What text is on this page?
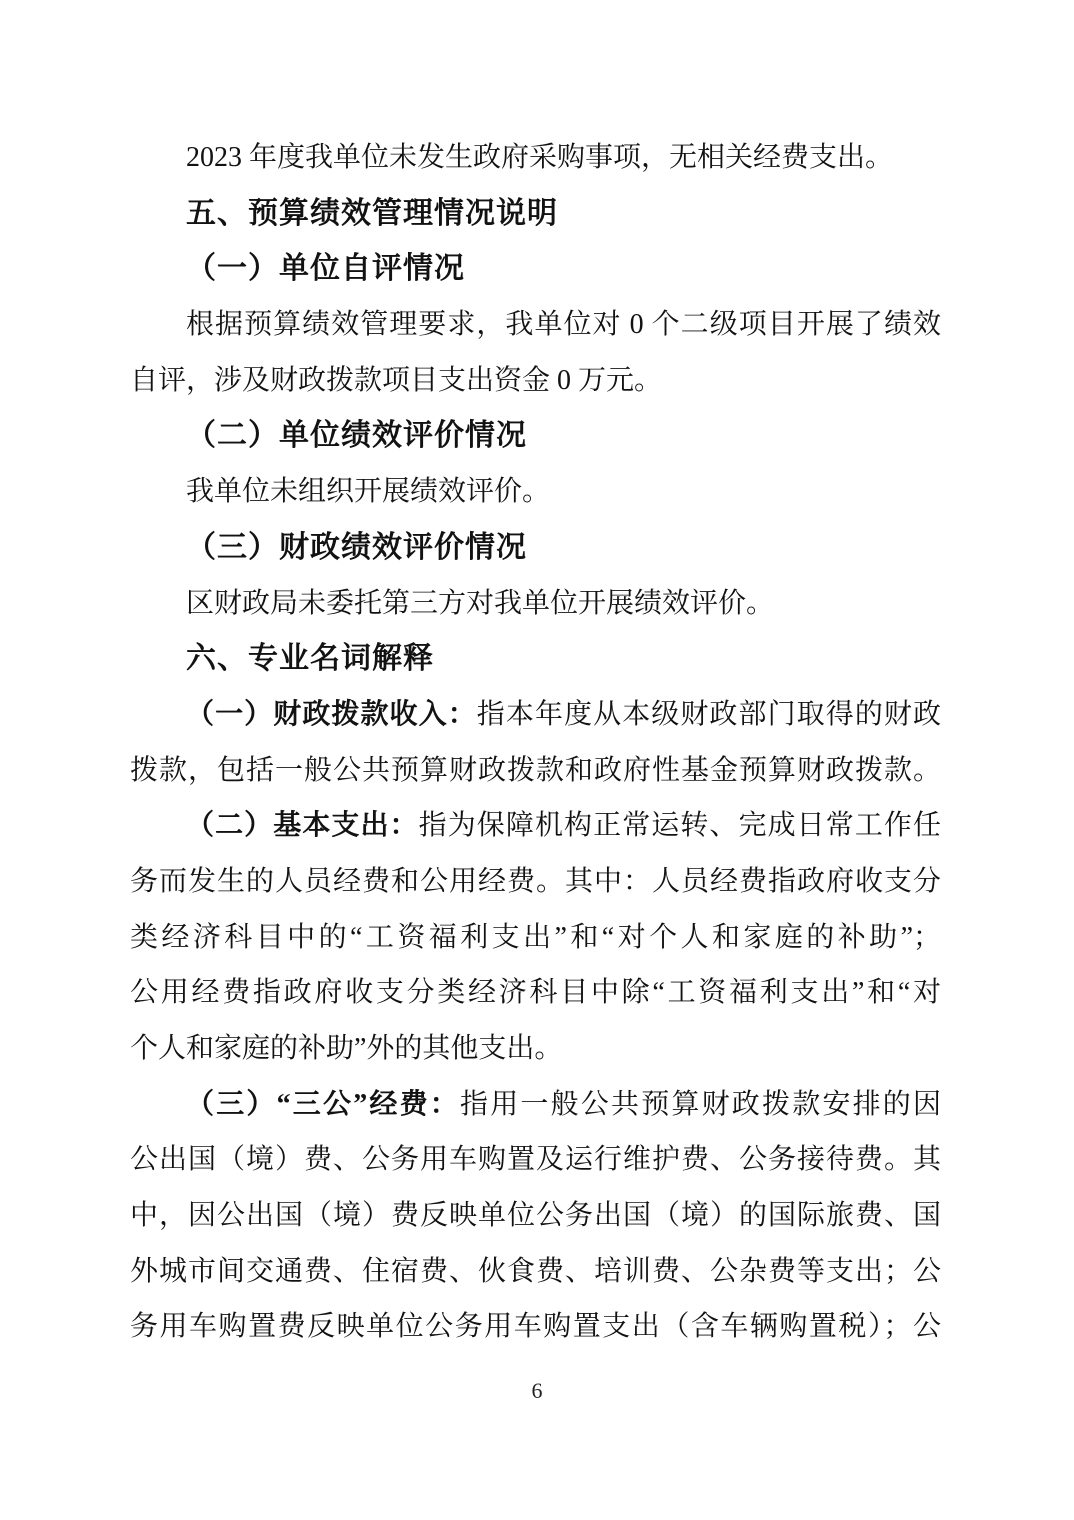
2023 年度我单位未发生政府采购事项，无相关经费支出。
五、预算绩效管理情况说明
（一）单位自评情况
根据预算绩效管理要求，我单位对 0 个二级项目开展了绩效
自评，涉及财政拨款项目支出资金 0 万元。
（二）单位绩效评价情况
我单位未组织开展绩效评价。
（三）财政绩效评价情况
区财政局未委托第三方对我单位开展绩效评价。
六、专业名词解释
（一）财政拨款收入：指本年度从本级财政部门取得的财政
拨款，包括一般公共预算财政拨款和政府性基金预算财政拨款。
（二）基本支出：指为保障机构正常运转、完成日常工作任
务而发生的人员经费和公用经费。其中：人员经费指政府收支分
类经济科目中的“工资福利支出”和“对个人和家庭的补助”；
公用经费指政府收支分类经济科目中除“工资福利支出”和“对
个人和家庭的补助”外的其他支出。
（三）“三公”经费：指用一般公共预算财政拨款安排的因
公出国（境）费、公务用车购置及运行维护费、公务接待费。其
中，因公出国（境）费反映单位公务出国（境）的国际旅费、国
外城市间交通费、住宿费、伙食费、培训费、公杂费等支出；公
务用车购置费反映单位公务用车购置支出（含车辆购置税）；公
6
